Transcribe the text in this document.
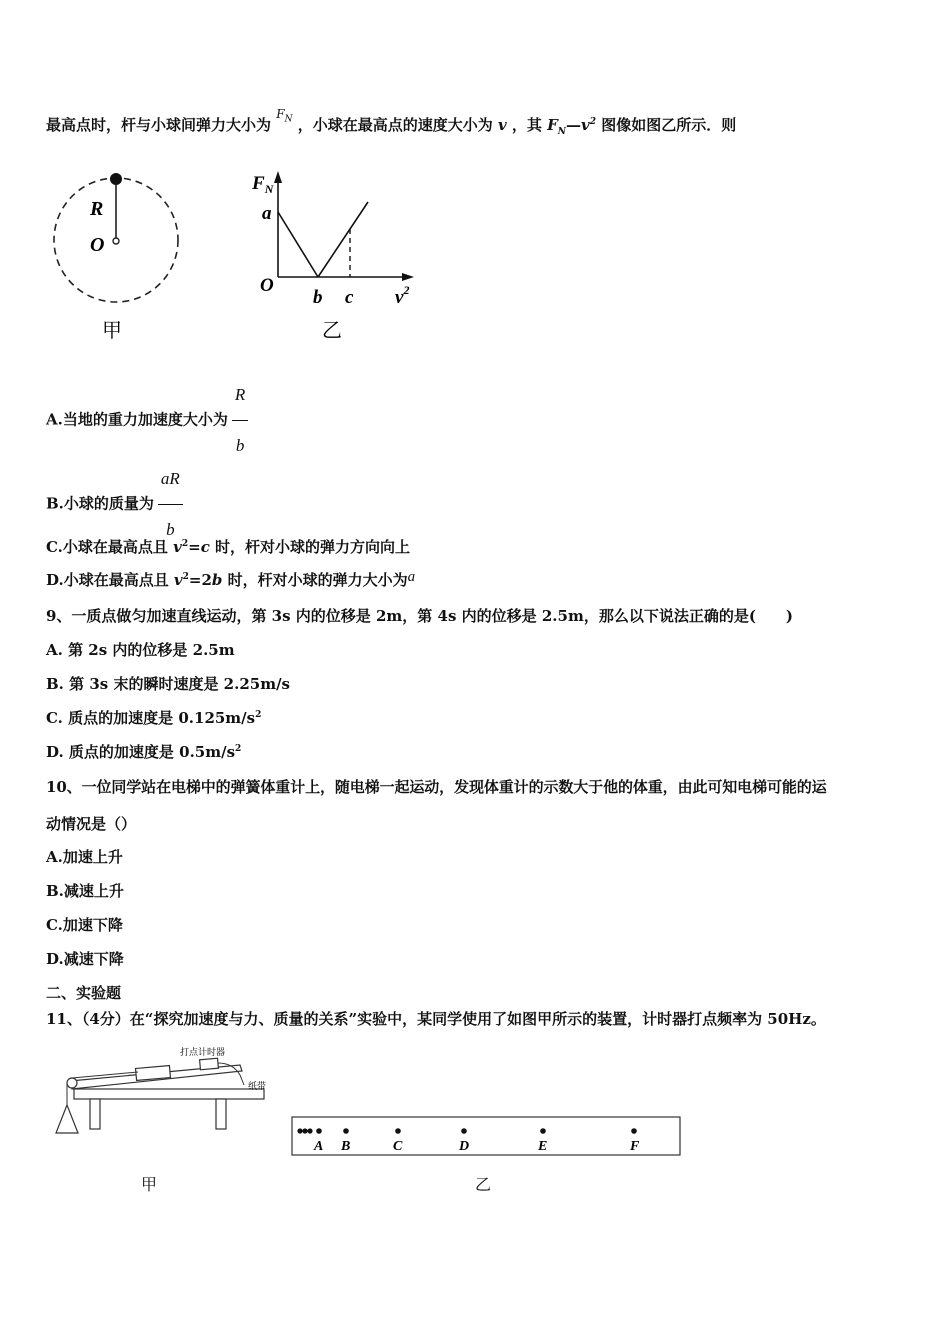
最高点时，杆与小球间弹力大小为 $^{F_N}$ ，小球在最高点的速度大小为 v ，其 $F_N—v^2$ 图像如图乙所示．则
R
O
甲
$F_N$
a
O
b c $v^2$
乙
A.当地的重力加速度大小为 $\frac{R}{b}$
B.小球的质量为 $\frac{aR}{b}$
C.小球在最高点且 $v^2=c$ 时，杆对小球的弹力方向向上
D.小球在最高点且 $v^2=2b$ 时，杆对小球的弹力大小为a
9、一质点做匀加速直线运动，第 3s 内的位移是 2m，第 4s 内的位移是 2.5m，那么以下说法正确的是(　　)
A. 第 2s 内的位移是 2.5m
B. 第 3s 末的瞬时速度是 2.25m/s
C. 质点的加速度是 $0.125m/s^2$
D. 质点的加速度是 $0.5m/s^2$
10、一位同学站在电梯中的弹簧体重计上，随电梯一起运动，发现体重计的示数大于他的体重，由此可知电梯可能的运
动情况是（）
A.加速上升
B.减速上升
C.加速下降
D.减速下降
二、实验题
11、（4分）在“探究加速度与力、质量的关系”实验中，某同学使用了如图甲所示的装置，计时器打点频率为 50Hz。
打点计时器
纸带
A B	C	D	E	F
甲	乙
